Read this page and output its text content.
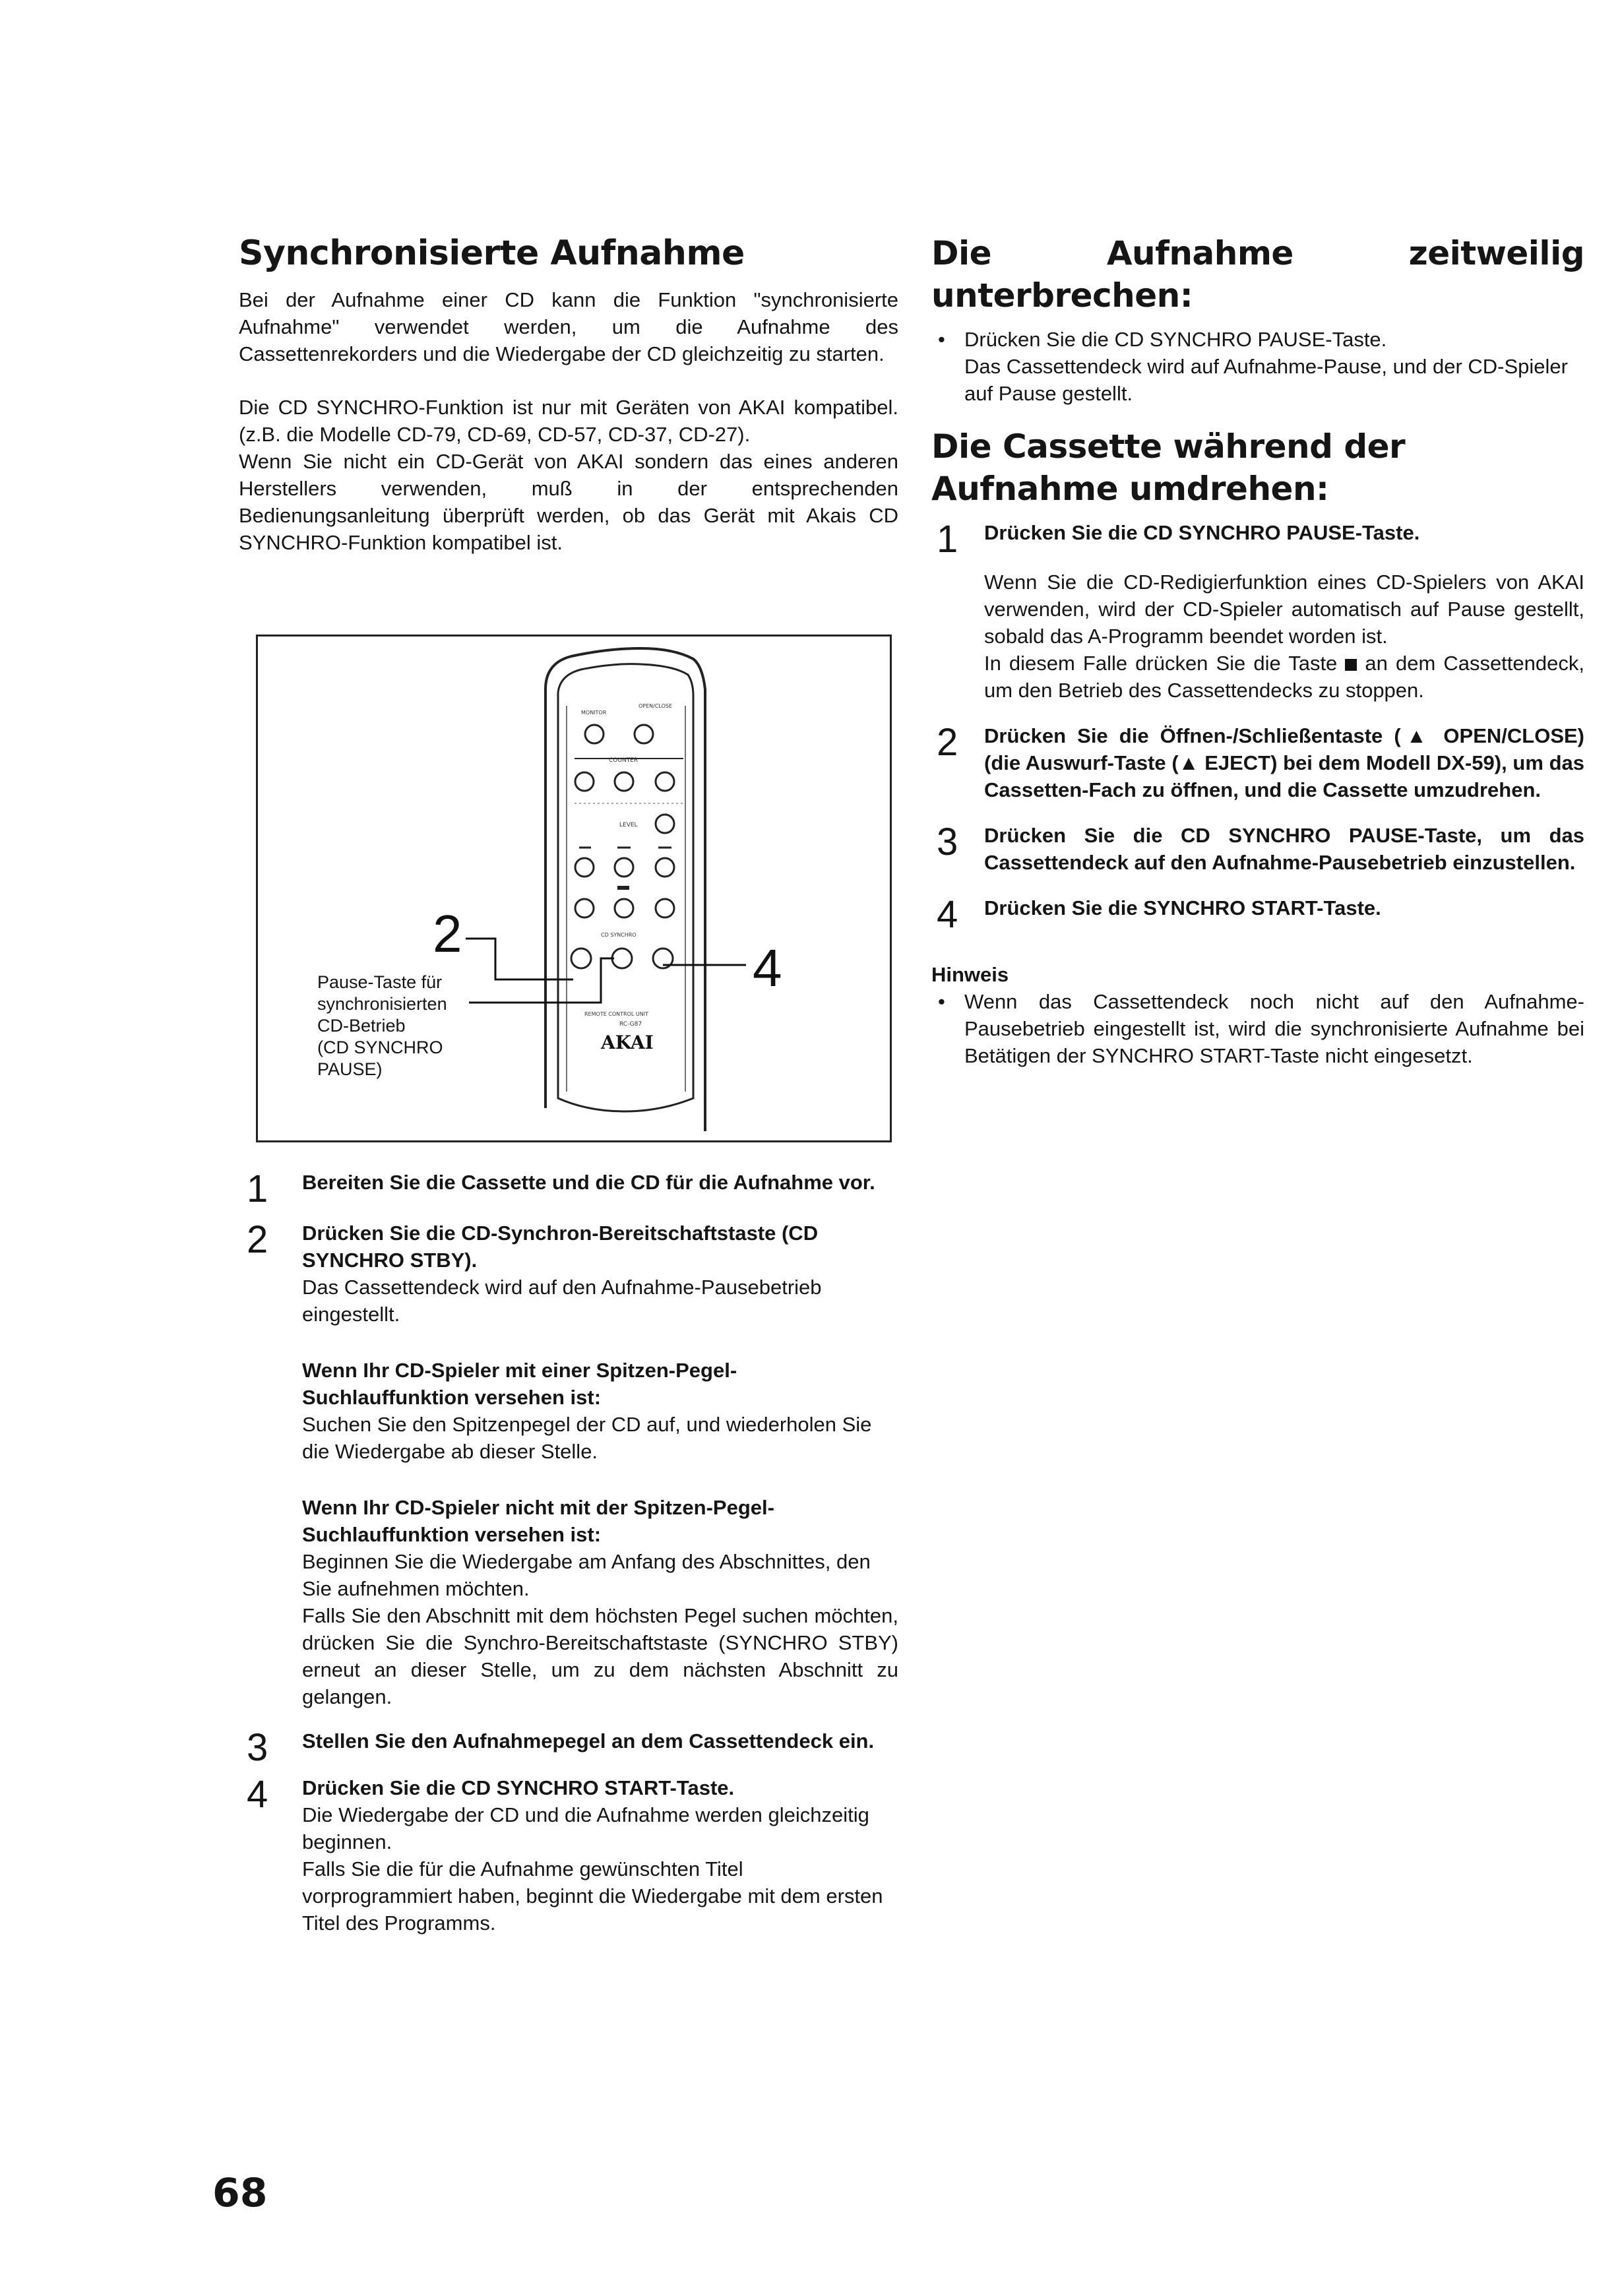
Synchronisierte Aufnahme

Bei der Aufnahme einer CD kann die Funktion "synchronisierte Aufnahme" verwendet werden, um die Aufnahme des Cassettenrekorders und die Wiedergabe der CD gleichzeitig zu starten.

Die CD SYNCHRO-Funktion ist nur mit Geräten von AKAI kompatibel. (z.B. die Modelle CD-79, CD-69, CD-57, CD-37, CD-27).

Wenn Sie nicht ein CD-Gerät von AKAI sondern das eines anderen Herstellers verwenden, muß in der entsprechenden Bedienungsanleitung überprüft werden, ob das Gerät mit Akais CD SYNCHRO-Funktion kompatibel ist.

MONITOR
OPEN/CLOSE
COUNTER
LEVEL
CD SYNCHRO
REMOTE CONTROL UNIT
RC-G87
AKAI
2
4
Pause-Taste für
synchronisierten
CD-Betrieb
(CD SYNCHRO
PAUSE)
1 Bereiten Sie die Cassette und die CD für die Aufnahme vor.

2 Drücken Sie die CD-Synchron-Bereitschaftstaste (CD SYNCHRO STBY).

Das Cassettendeck wird auf den Aufnahme-Pausebetrieb eingestellt.

Wenn Ihr CD-Spieler mit einer Spitzen-Pegel-Suchlauffunktion versehen ist:

Suchen Sie den Spitzenpegel der CD auf, und wiederholen Sie die Wiedergabe ab dieser Stelle.

Wenn Ihr CD-Spieler nicht mit der Spitzen-Pegel-Suchlauffunktion versehen ist:

Beginnen Sie die Wiedergabe am Anfang des Abschnittes, den Sie aufnehmen möchten.

Falls Sie den Abschnitt mit dem höchsten Pegel suchen möchten, drücken Sie die Synchro-Bereitschaftstaste (SYNCHRO STBY) erneut an dieser Stelle, um zu dem nächsten Abschnitt zu gelangen.

3 Stellen Sie den Aufnahmepegel an dem Cassettendeck ein.

4 Drücken Sie die CD SYNCHRO START-Taste.

Die Wiedergabe der CD und die Aufnahme werden gleichzeitig beginnen.

Falls Sie die für die Aufnahme gewünschten Titel vorprogrammiert haben, beginnt die Wiedergabe mit dem ersten Titel des Programms.

Die Aufnahme zeitweilig unterbrechen:
• Drücken Sie die CD SYNCHRO PAUSE-Taste.

Das Cassettendeck wird auf Aufnahme-Pause, und der CD-Spieler auf Pause gestellt.

Die Cassette während der Aufnahme umdrehen:
1 Drücken Sie die CD SYNCHRO PAUSE-Taste.

Wenn Sie die CD-Redigierfunktion eines CD-Spielers von AKAI verwenden, wird der CD-Spieler automatisch auf Pause gestellt, sobald das A-Programm beendet worden ist.

In diesem Falle drücken Sie die Taste an dem Cassettendeck, um den Betrieb des Cassettendecks zu stoppen.

2 Drücken Sie die Öffnen-/Schließentaste (▲ OPEN/CLOSE) (die Auswurf-Taste (▲ EJECT) bei dem Modell DX-59), um das Cassetten-Fach zu öffnen, und die Cassette umzudrehen.

3 Drücken Sie die CD SYNCHRO PAUSE-Taste, um das Cassettendeck auf den Aufnahme-Pausebetrieb einzustellen.

4 Drücken Sie die SYNCHRO START-Taste.

Hinweis

• Wenn das Cassettendeck noch nicht auf den Aufnahme-Pausebetrieb eingestellt ist, wird die synchronisierte Aufnahme bei Betätigen der SYNCHRO START-Taste nicht eingesetzt.

68
